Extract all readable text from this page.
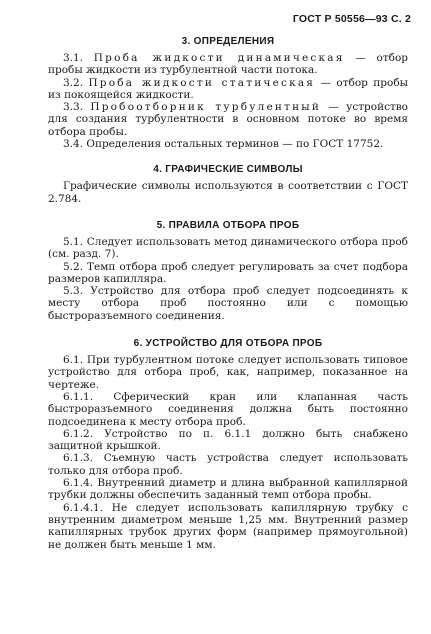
ГОСТ Р 50556—93 С. 2
3. ОПРЕДЕЛЕНИЯ

3.1. Проба жидкости динамическая — отбор пробы жидкости из турбулентной части потока.

3.2. Проба жидкости статическая — отбор пробы из покоящейся жидкости.

3.3. Пробоотборник турбулентный — устройство для создания турбулентности в основном потоке во время отбора пробы.

3.4. Определения остальных терминов — по ГОСТ 17752.

4. ГРАФИЧЕСКИЕ СИМВОЛЫ

Графические символы используются в соответствии с ГОСТ 2.784.

5. ПРАВИЛА ОТБОРА ПРОБ

5.1. Следует использовать метод динамического отбора проб (см. разд. 7).

5.2. Темп отбора проб следует регулировать за счет подбора размеров капилляра.

5.3. Устройство для отбора проб следует подсоединять к месту отбора проб постоянно или с помощью быстроразъемного соединения.

6. УСТРОЙСТВО ДЛЯ ОТБОРА ПРОБ

6.1. При турбулентном потоке следует использовать типовое устройство для отбора проб, как, например, показанное на чертеже.

6.1.1. Сферический кран или клапанная часть быстроразъемного соединения должна быть постоянно подсоединена к месту отбора проб.

6.1.2. Устройство по п. 6.1.1 должно быть снабжено защитной крышкой.

6.1.3. Съемную часть устройства следует использовать только для отбора проб.

6.1.4. Внутренний диаметр и длина выбранной капиллярной трубки должны обеспечить заданный темп отбора пробы.

6.1.4.1. Не следует использовать капиллярную трубку с внутренним диаметром меньше 1,25 мм. Внутренний размер капиллярных трубок других форм (например прямоугольной) не должен быть меньше 1 мм.
